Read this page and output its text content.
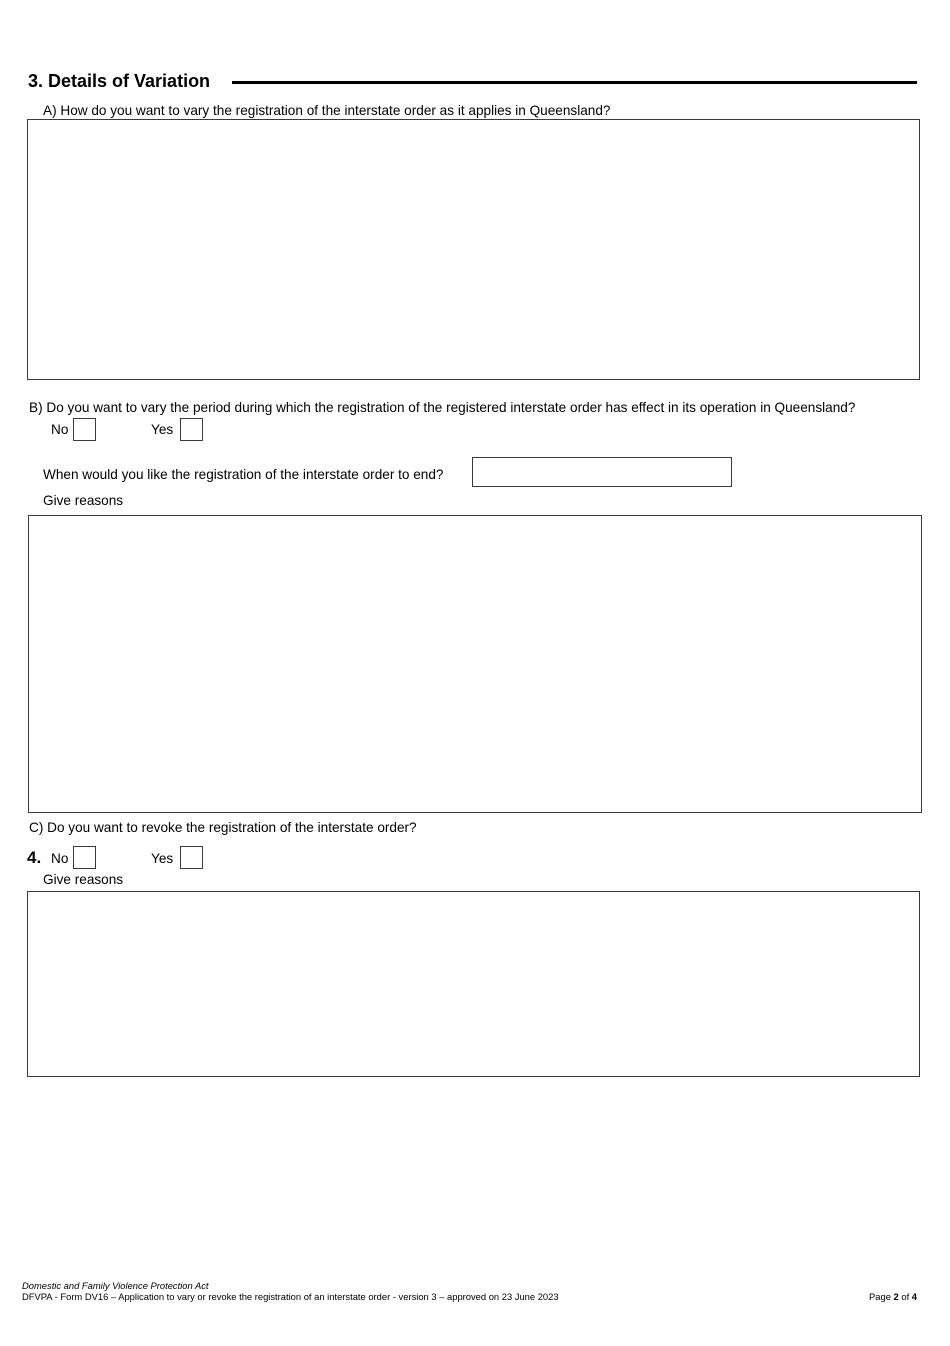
3. Details of Variation
A) How do you want to vary the registration of the interstate order as it applies in Queensland?
B) Do you want to vary the period during which the registration of the registered interstate order has effect in its operation in Queensland?
No	Yes
When would you like the registration of the interstate order to end?
Give reasons
C) Do you want to revoke the registration of the interstate order?
4. No	Yes
Give reasons
Domestic and Family Violence Protection Act
DFVPA - Form DV16 – Application to vary or revoke the registration of an interstate order - version 3 – approved on 23 June 2023	Page 2 of 4
